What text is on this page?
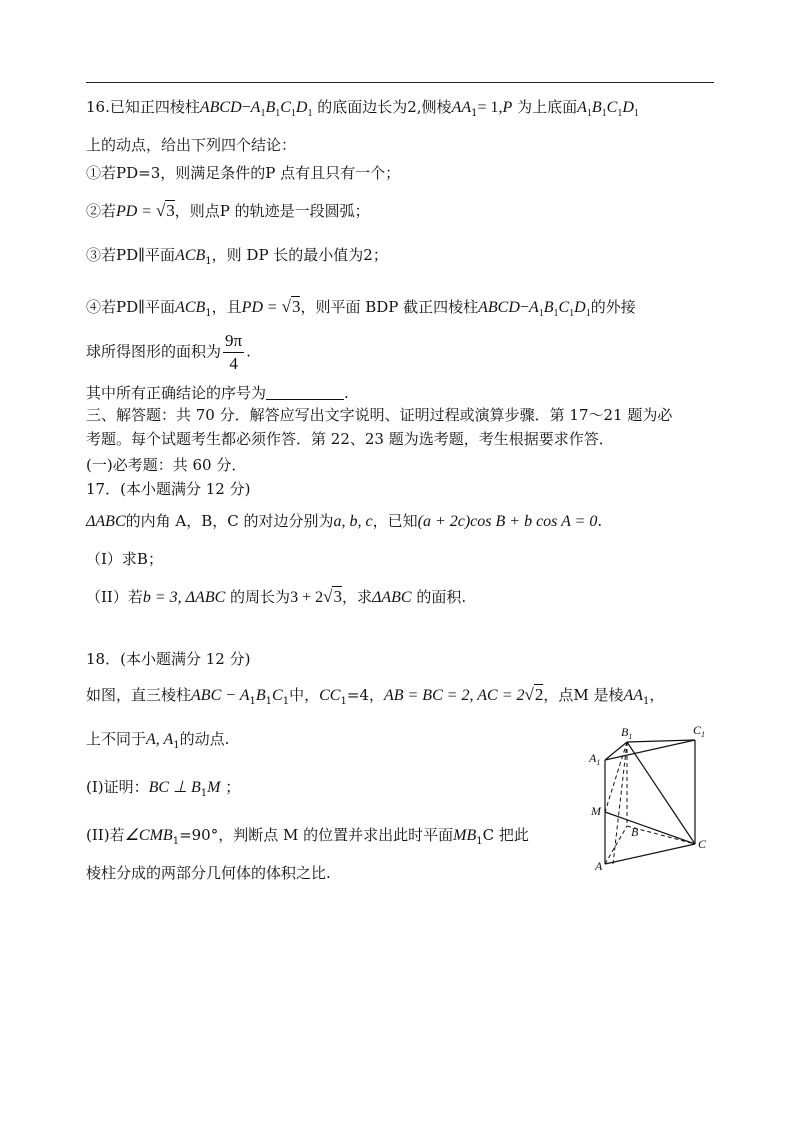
16.已知正四棱柱$ABCD-A_1B_1C_1D_1$ 的底面边长为2,侧棱$AA_1= 1,P$ 为上底面$A_1B_1C_1D_1$
上的动点，给出下列四个结论：
①若PD=3，则满足条件的P 点有且只有一个；
②若PD = √3，则点P 的轨迹是一段圆弧；
③若PD∥平面$ACB_1$，则 DP 长的最小值为2；
④若PD∥平面$ACB_1$，且PD = √3，则平面 BDP 截正四棱柱$ABCD-A_1B_1C_1D_1$的外接
球所得图形的面积为 $\frac{9\pi}{4}$ .
其中所有正确结论的序号为	.
三、解答题：共 70 分．解答应写出文字说明、证明过程或演算步骤．第 17～21 题为必
考题。每个试题考生都必须作答．第 22、23 题为选考题，考生根据要求作答．
(一)必考题：共 60 分．
17．(本小题满分 12 分)
ΔABC的内角 A，B，C 的对边分别为a, b, c，已知(a + 2c)cos B + b cos A = 0.
（I）求B；
（II）若b = 3, ΔABC 的周长为3 + 2√3，求ΔABC 的面积.
18．(本小题满分 12 分)
如图，直三棱柱ABC − $A_1B_1C_1$中，$CC_1=4$，AB = BC = 2, AC = 2√2，点M 是棱$AA_1$，
上不同于A, $A_1$的动点.
(I)证明：BC ⊥ $B_1M$ ；
(II)若$\angle CMB_1=90^\circ$，判断点 M 的位置并求出此时平面$MB_1C$ 把此
棱柱分成的两部分几何体的体积之比.
$B_1$	$C_1$
$A_1$
M
B
C
A
